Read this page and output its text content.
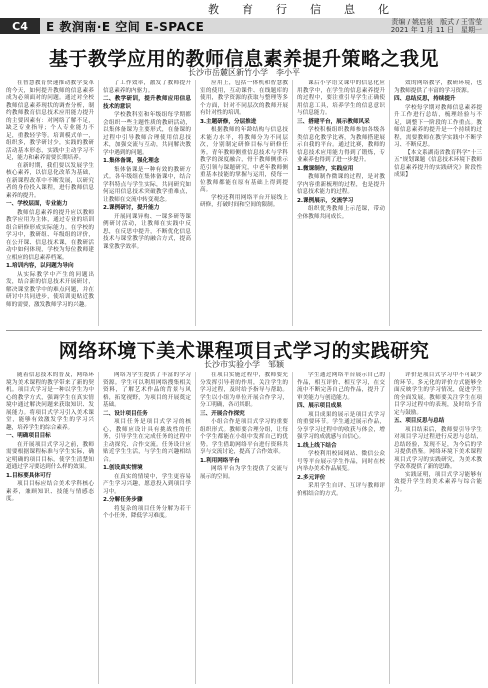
教 育 行 信 息 化
C4	E 教润南·E 空间 E-SPACE	责编 / 姚启泉　版式 / 王雪莹
2021 年 1 月 11 日　星期一
基于教学应用的教师信息素养提升策略之我见
长沙市岳麓区新竹小学　李小平

在智慧教育快速推动教学变革的今天，如何提升教师的信息素养成为必须面对的问题。通过对全校教师信息素养现状的调查分析，制约教师教育信息技术应用能力提升的主要因素有：对网络了解不足，缺乏专业指导；个人专业能力不足，重教轻学等。培训模式单一，组织多，教学研讨少，实践的教研活动基本形态，实践中主动学习不足，能力和素养需要长期培养。

在新时期，我们要以发展学生核心素养，以信息化改革为基础，在新课程改革中不断发展，以研究者的身份投入课程，进行教师信息素养的提升。

一、学校层面，专业能力

教师信息素养的提升应以教师教学应用为主体，通过专业的培训组合研修形成实际能力。在学校的学习中，教研组、年级组的评价，在公开课、信息技术课，在教研活动中如何体现，学校为每位教师建立相应的信息素养档案。

1.培训内容，以问题为导向

从实际教学中产生的问题出发，结合新的信息技术开展研讨，解决课堂教学中的难点问题，并在研讨中共同进步，使培训更贴近教师的需要，激发教师学习的兴趣。

了工作效率，激发了教师提升信息素养的内驱力。

二、教学研训，提升教师应用信息技术的意识

学校教科室和年级组每学期都会组织一些主题性质的教研活动，以集体备课为主要形式，在备课的过程中引导教师合理使用信息技术，加强交流与互动，共同解决教学中遇到的问题。

1.集体备课，强化理念

集体备课是一种有效的教研方式。各年级组在集体备课中，结合学科特点与学生实际，共同研究如何运用信息技术突破教学重难点，让教师在交流中转变观念。

2.课例研讨，提升能力

开展同课异构、一课多研等课例研讨活动，让教师在实践中反思，在反思中提升，不断优化信息技术与课堂教学的融合方式，提高课堂教学效率。

应用上，包括一体机和智慧教室的使用，互动课件、在线题库的使用，教学资源的获取与整理等多个方面，针对不同层次的教师开展有针对性的培训。

3.主题研修，分层推进

根据教师的年龄结构与信息技术能力水平，将教师分为不同层次，分别制定研修目标与研修任务。青年教师侧重信息技术与学科教学的深度融合，骨干教师侧重示范引领与课题研究，中老年教师侧重基本技能的掌握与运用，使每一位教师都能在原有基础上得到提高。

学校还利用网络平台开展线上研修，打破时间和空间的限制。

课后小学语文课中的信息化应用教学中，在学生的信息素养提升的过程中，要注重引导学生正确使用信息工具，培养学生的信息意识与信息能力。

三、搭建平台，展示教师风采

学校积极组织教师参加各级各类信息化教学比赛，为教师搭建展示自我的平台。通过比赛，教师的信息技术应用能力得到了锻炼，专业素养也得到了进一步提升。

1.微课制作，实践应用

教师制作微课的过程，是对教学内容重新梳理的过程，也是提升信息技术能力的过程。

2.课例展示，交流学习

组织优秀教师上示范课，带动全体教师共同成长。

效的网络教学，教研环境，也为教师提供了丰富的学习资源。

四、总结反思，持续提升

学校每学期对教师信息素养提升工作进行总结，梳理经验与不足，调整下一阶段的工作重点。教师信息素养的提升是一个持续的过程，需要教师在教学实践中不断学习、不断反思。

【本文系湖南省教育科学“十三五”规划课题《信息技术环境下教师信息素养提升的实践研究》阶段性成果】

网络环境下美术课程项目式学习的实践研究
长沙市实验小学　邹颖

随着信息技术的普及，网络环境为美术课程的教学带来了新的契机。项目式学习是一种以学生为中心的教学方式，强调学生在真实情境中通过解决问题来获取知识、发展能力。将项目式学习引入美术课堂，能够有效激发学生的学习兴趣，培养学生的综合素养。

一、明确项目目标

在开展项目式学习之前，教师需要根据课程标准与学生实际，确定明确的项目目标，使学生清楚知道通过学习要达到什么样的效果。

1.目标要具体可行

项目目标应结合美术学科核心素养，兼顾知识、技能与情感态度。

网络为学生提供了丰富的学习资源。学生可以利用网络搜集相关资料，了解艺术作品的背景与风格，拓宽视野，为项目的开展奠定基础。

二、设计项目任务

项目任务是项目式学习的核心，教师应设计具有挑战性的任务，引导学生在完成任务的过程中主动探究、合作交流。任务设计应贴近学生生活，与学生的兴趣相结合。

1.创设真实情境

在真实的情境中，学生更容易产生学习兴趣，愿意投入到项目学习中。

2.分解任务步骤

将复杂的项目任务分解为若干个小任务，降低学习难度。

在项目实施过程中，教师要充分发挥引导者的作用，关注学生的学习过程，及时给予指导与帮助。学生以小组为单位开展合作学习，分工明确，各司其职。

三、开展合作探究

小组合作是项目式学习的重要组织形式。教师要合理分组，让每个学生都能在小组中发挥自己的优势。学生借助网络平台进行资料共享与交流讨论，提高了合作效率。

1.利用网络平台

网络平台为学生提供了交流与展示的空间。

学生通过网络平台展示自己的作品，相互评价、相互学习，在交流中不断完善自己的作品，提升了审美能力与创造能力。

四、展示项目成果

项目成果的展示是项目式学习的重要环节。学生通过展示作品，分享学习过程中的收获与体会，增强学习的成就感与自信心。

1.线上线下结合

学校利用校园网站、微信公众号等平台展示学生作品，同时在校内举办美术作品展览。

2.多元评价

采用学生自评、互评与教师评价相结合的方式。

评价是项目式学习中不可缺少的环节。多元化的评价方式能够全面反映学生的学习情况，促进学生的全面发展。教师要关注学生在项目学习过程中的表现，及时给予肯定与鼓励。

五、项目反思与总结

项目结束后，教师要引导学生对项目学习过程进行反思与总结，总结经验，发现不足，为今后的学习提供借鉴。网络环境下美术课程项目式学习的实践研究，为美术教学改革提供了新的思路。

实践证明，项目式学习能够有效提升学生的美术素养与综合能力。
